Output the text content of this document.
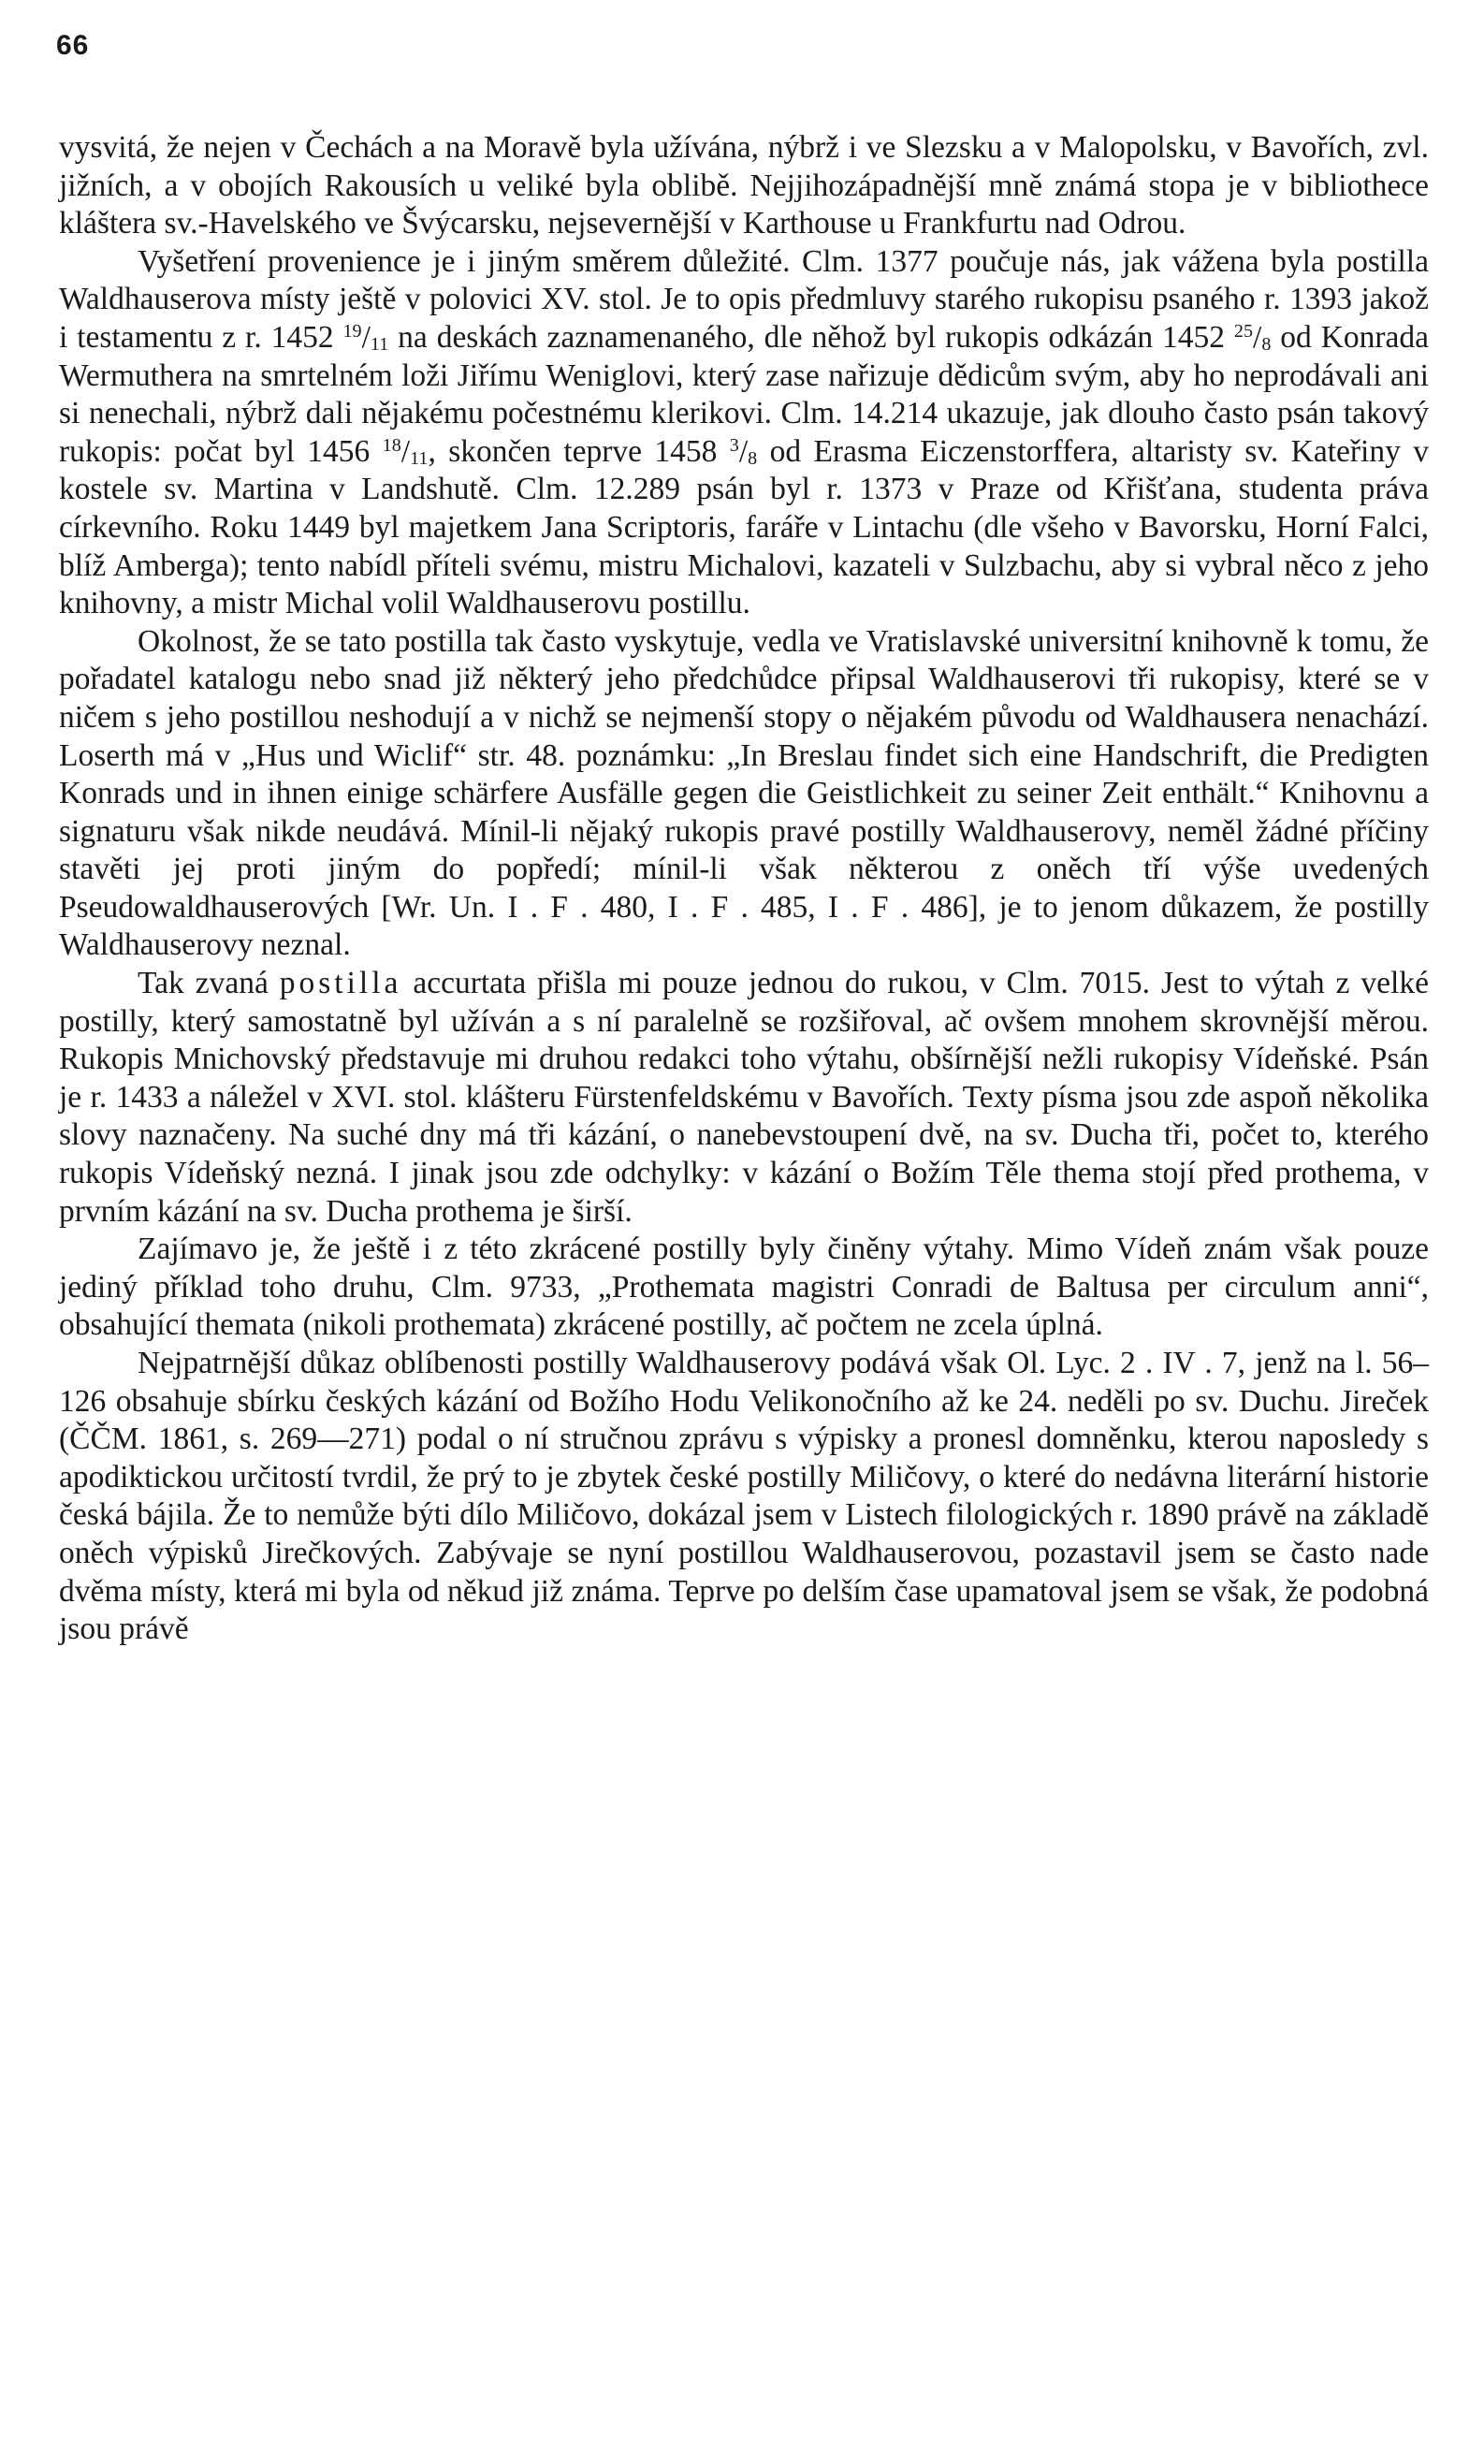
66

vysvitá, že nejen v Čechách a na Moravě byla užívána, nýbrž i ve Slezsku a v Malopolsku, v Bavořích, zvl. jižních, a v obojích Rakousích u veliké byla oblibě. Nejjihozápadnější mně známá stopa je v bibliothece kláštera sv.-Havelského ve Švýcarsku, nejsevernější v Karthouse u Frankfurtu nad Odrou.

Vyšetření provenience je i jiným směrem důležité. Clm. 1377 poučuje nás, jak vážena byla postilla Waldhauserova místy ještě v polovici XV. stol. Je to opis předmluvy starého rukopisu psaného r. 1393 jakož i testamentu z r. 1452 $^{19}/_{11}$ na deskách zaznamenaného, dle něhož byl rukopis odkázán 1452 $^{25}/_8$ od Konrada Wermuthera na smrtelném loži Jiřímu Weniglovi, který zase nařizuje dědicům svým, aby ho neprodávali ani si nenechali, nýbrž dali nějakému počestnému klerikovi. Clm. 14.214 ukazuje, jak dlouho často psán takový rukopis: počat byl 1456 $^{18}/_{11}$, skončen teprve 1458 $^3/_8$ od Erasma Eiczenstorffera, altaristy sv. Kateřiny v kostele sv. Martina v Landshutě. Clm. 12.289 psán byl r. 1373 v Praze od Křišťana, studenta práva církevního. Roku 1449 byl majetkem Jana Scriptoris, faráře v Lintachu (dle všeho v Bavorsku, Horní Falci, blíž Amberga); tento nabídl příteli svému, mistru Michalovi, kazateli v Sulzbachu, aby si vybral něco z jeho knihovny, a mistr Michal volil Waldhauserovu postillu.

Okolnost, že se tato postilla tak často vyskytuje, vedla ve Vratislavské universitní knihovně k tomu, že pořadatel katalogu nebo snad již některý jeho předchůdce připsal Waldhauserovi tři rukopisy, které se v ničem s jeho postillou neshodují a v nichž se nejmenší stopy o nějakém původu od Waldhausera nenachází. Loserth má v „Hus und Wiclif“ str. 48. poznámku: „In Breslau findet sich eine Handschrift, die Predigten Konrads und in ihnen einige schärfere Ausfälle gegen die Geistlichkeit zu seiner Zeit enthält.“ Knihovnu a signaturu však nikde neudává. Mínil-li nějaký rukopis pravé postilly Waldhauserovy, neměl žádné příčiny stavěti jej proti jiným do popředí; mínil-li však některou z oněch tří výše uvedených Pseudowaldhauserových [Wr. Un. I . F . 480, I . F . 485, I . F . 486], je to jenom důkazem, že postilly Waldhauserovy neznal.

Tak zvaná postilla accurtata přišla mi pouze jednou do rukou, v Clm. 7015. Jest to výtah z velké postilly, který samostatně byl užíván a s ní paralelně se rozšiřoval, ač ovšem mnohem skrovnější měrou. Rukopis Mnichovský představuje mi druhou redakci toho výtahu, obšírnější nežli rukopisy Vídeňské. Psán je r. 1433 a náležel v XVI. stol. klášteru Fürstenfeldskému v Bavořích. Texty písma jsou zde aspoň několika slovy naznačeny. Na suché dny má tři kázání, o nanebevstoupení dvě, na sv. Ducha tři, počet to, kterého rukopis Vídeňský nezná. I jinak jsou zde odchylky: v kázání o Božím Těle thema stojí před prothema, v prvním kázání na sv. Ducha prothema je širší.

Zajímavo je, že ještě i z této zkrácené postilly byly činěny výtahy. Mimo Vídeň znám však pouze jediný příklad toho druhu, Clm. 9733, „Prothemata magistri Conradi de Baltusa per circulum anni“, obsahující themata (nikoli prothemata) zkrácené postilly, ač počtem ne zcela úplná.

Nejpatrnější důkaz oblíbenosti postilly Waldhauserovy podává však Ol. Lyc. 2 . IV . 7, jenž na l. 56–126 obsahuje sbírku českých kázání od Božího Hodu Velikonočního až ke 24. neděli po sv. Duchu. Jireček (ČČM. 1861, s. 269—271) podal o ní stručnou zprávu s výpisky a pronesl domněnku, kterou naposledy s apodiktickou určitostí tvrdil, že prý to je zbytek české postilly Miličovy, o které do nedávna literární historie česká bájila. Že to nemůže býti dílo Miličovo, dokázal jsem v Listech filologických r. 1890 právě na základě oněch výpisků Jirečkových. Zabývaje se nyní postillou Waldhauserovou, pozastavil jsem se často nade dvěma místy, která mi byla od někud již známa. Teprve po delším čase upamatoval jsem se však, že podobná jsou právě
